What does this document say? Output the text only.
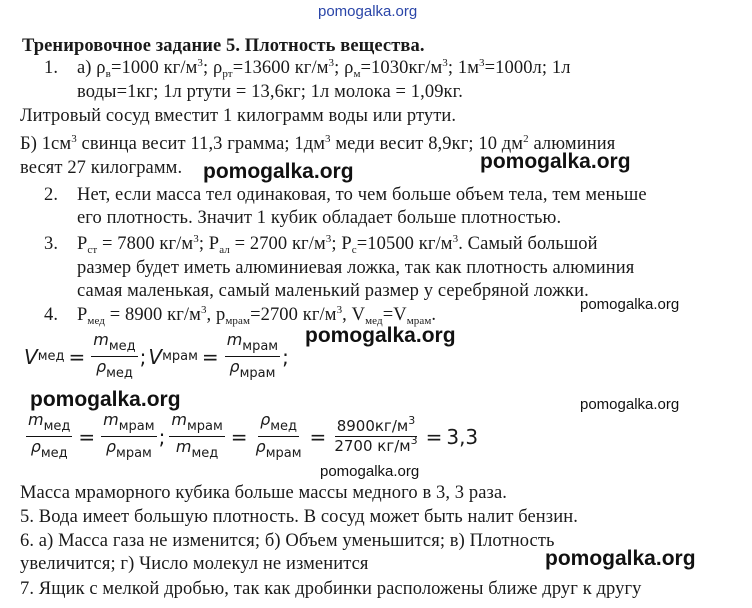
pomogalka.org
Тренировочное задание 5. Плотность вещества.
1. а) $\rho_в=1000$ $кг/м^3$; $\rho_{рт}=13600$ $кг/м^3$; $\rho_м=1030кг/м^3$; $1м^3=1000л$; 1л
воды=1кг; 1л ртути = 13,6кг; 1л молока = 1,09кг.
Литровый сосуд вместит 1 килограмм воды или ртути.
Б) $1см^3$ свинца весит 11,3 грамма; $1дм^3$ меди весит 8,9кг; 10 $дм^2$ алюминия
весят 27 килограмм. pomogalka.org	pomogalka.org
2. Нет, если масса тел одинаковая, то чем больше объем тела, тем меньше
его плотность. Значит 1 кубик обладает больше плотностью.
3. $Р_{ст} = 7800$ $кг/м^3$; $Р_{ал} = 2700$ $кг/м^3$; $Р_с=10500$ $кг/м^3$. Самый большой
размер будет иметь алюминиевая ложка, так как плотность алюминия
самая маленькая, самый маленький размер у серебряной ложки.
pomogalka.org
4. $Р_{мед} = 8900$ $кг/м^3$, $р_{мрам}=2700$ $кг/м^3$, $V_{мед}=V_{мрам}$.
pomogalka.org
V мед = $\frac{m_{мед}}{\rho_{мед}}$ ; V мрам = $\frac{m_{мрам}}{\rho_{мрам}}$ ;
pomogalka.org	pomogalka.org
$\frac{m_{мед}}{\rho_{мед}} = \frac{m_{мрам}}{\rho_{мрам}}$ ; $\frac{m_{мрам}}{m_{мед}} = \frac{\rho_{мед}}{\rho_{мрам}} = \frac{8900кг/м^3}{2700 кг/м^3} = 3,3$
pomogalka.org
Масса мраморного кубика больше массы медного в 3, 3 раза.
5. Вода имеет большую плотность. В сосуд может быть налит бензин.
6. а) Масса газа не изменится; б) Объем уменьшится; в) Плотность
увеличится; г) Число молекул не изменится	pomogalka.org
7. Ящик с мелкой дробью, так как дробинки расположены ближе друг к другу
